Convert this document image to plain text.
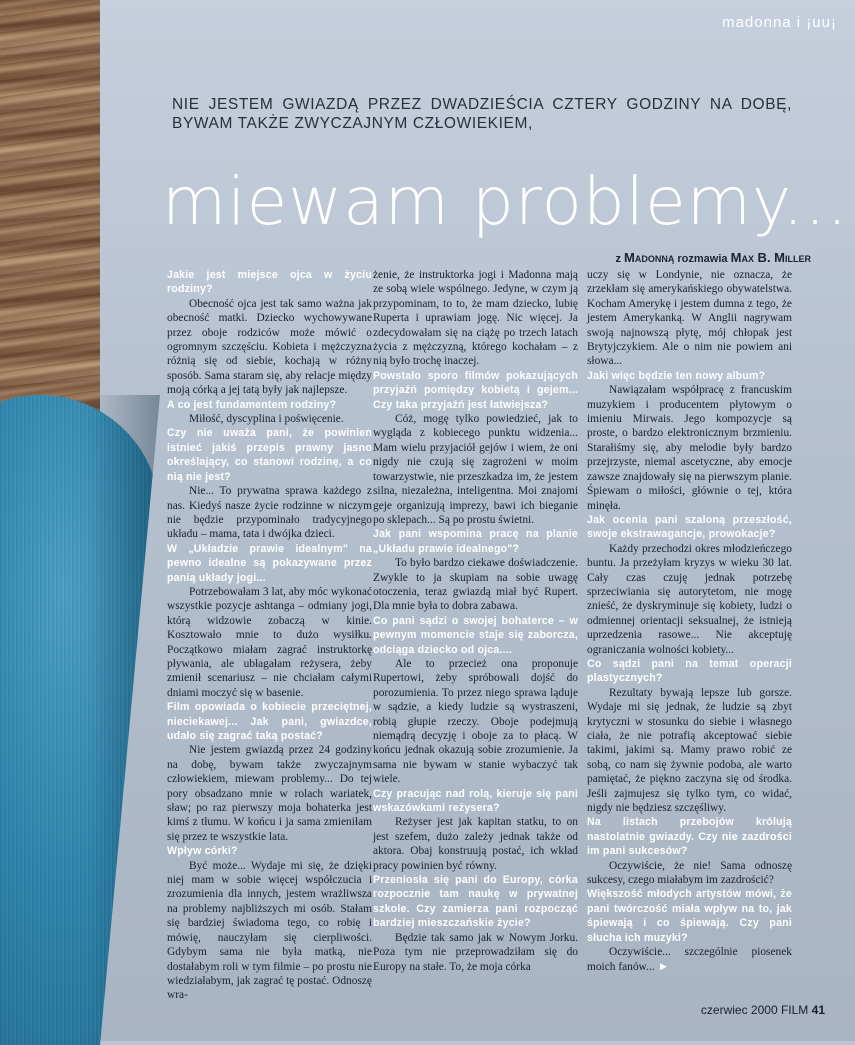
madonna i ¡uu¡
NIE JESTEM GWIAZDĄ PRZEZ DWADZIEŚCIA CZTERY GODZINY NA DOBĘ, BYWAM TAKŻE ZWYCZAJNYM CZŁOWIEKIEM,
miewam problemy...
z Madonną rozmawia Max B. Miller

Jakie jest miejsce ojca w życiu rodziny?

Obecność ojca jest tak samo ważna jak obecność matki. Dziecko wychowywane przez oboje rodziców może mówić o ogromnym szczęściu. Kobieta i mężczyzna różnią się od siebie, kochają w różny sposób. Sama staram się, aby relacje między moją córką a jej tatą były jak najlepsze.

A co jest fundamentem rodziny?

Miłość, dyscyplina i poświęcenie.

Czy nie uważa pani, że powinien istnieć jakiś przepis prawny jasno określający, co stanowi rodzinę, a co nią nie jest?

Nie... To prywatna sprawa każdego z nas. Kiedyś nasze życie rodzinne w niczym nie będzie przypominało tradycyjnego układu – mama, tata i dwójka dzieci.

W „Układzie prawie idealnym" na pewno idealne są pokazywane przez panią układy jogi...

Potrzebowałam 3 lat, aby móc wykonać wszystkie pozycje ashtanga – odmiany jogi, którą widzowie zobaczą w kinie. Kosztowało mnie to dużo wysiłku. Początkowo miałam zagrać instruktorkę pływania, ale ubłagałam reżysera, żeby zmienił scenariusz – nie chciałam całymi dniami moczyć się w basenie.

Film opowiada o kobiecie przeciętnej, nieciekawej... Jak pani, gwiazdce, udało się zagrać taką postać?

Nie jestem gwiazdą przez 24 godziny na dobę, bywam także zwyczajnym człowiekiem, miewam problemy... Do tej pory obsadzano mnie w rolach wariatek, sław; po raz pierwszy moja bohaterka jest kimś z tłumu. W końcu i ja sama zmieniłam się przez te wszystkie lata.

Wpływ córki?

Być może... Wydaje mi się, że dzięki niej mam w sobie więcej współczucia i zrozumienia dla innych, jestem wrażliwsza na problemy najbliższych mi osób. Stałam się bardziej świadoma tego, co robię i mówię, nauczyłam się cierpliwości. Gdybym sama nie była matką, nie dostałabym roli w tym filmie – po prostu nie wiedziałabym, jak zagrać tę postać. Odnoszę wra-

żenie, że instruktorka jogi i Madonna mają ze sobą wiele wspólnego. Jedyne, w czym ją przypominam, to to, że mam dziecko, lubię Ruperta i uprawiam jogę. Nic więcej. Ja zdecydowałam się na ciążę po trzech latach życia z mężczyzną, którego kochałam – z nią było trochę inaczej.

Powstało sporo filmów pokazujących przyjaźń pomiędzy kobietą i gejem... Czy taka przyjaźń jest łatwiejsza?

Cóż, mogę tylko powiedzieć, jak to wygląda z kobiecego punktu widzenia... Mam wielu przyjaciół gejów i wiem, że oni nigdy nie czują się zagrożeni w moim towarzystwie, nie przeszkadza im, że jestem silna, niezależna, inteligentna. Moi znajomi geje organizują imprezy, bawi ich bieganie po sklepach... Są po prostu świetni.

Jak pani wspomina pracę na planie „Układu prawie idealnego"?

To było bardzo ciekawe doświadczenie. Zwykle to ja skupiam na sobie uwagę otoczenia, teraz gwiazdą miał być Rupert. Dla mnie była to dobra zabawa.

Co pani sądzi o swojej bohaterce – w pewnym momencie staje się zaborcza, odciąga dziecko od ojca....

Ale to przecież ona proponuje Rupertowi, żeby spróbowali dojść do porozumienia. To przez niego sprawa ląduje w sądzie, a kiedy ludzie są wystraszeni, robią głupie rzeczy. Oboje podejmują niemądrą decyzję i oboje za to płacą. W końcu jednak okazują sobie zrozumienie. Ja sama nie bywam w stanie wybaczyć tak wiele.

Czy pracując nad rolą, kieruje się pani wskazówkami reżysera?

Reżyser jest jak kapitan statku, to on jest szefem, dużo zależy jednak także od aktora. Obaj konstruują postać, ich wkład pracy powinien być równy.

Przeniosła się pani do Europy, córka rozpocznie tam naukę w prywatnej szkole. Czy zamierza pani rozpocząć bardziej mieszczańskie życie?

Będzie tak samo jak w Nowym Jorku. Poza tym nie przeprowadziłam się do Europy na stałe. To, że moja córka

uczy się w Londynie, nie oznacza, że zrzekłam się amerykańskiego obywatelstwa. Kocham Amerykę i jestem dumna z tego, że jestem Amerykanką. W Anglii nagrywam swoją najnowszą płytę, mój chłopak jest Brytyjczykiem. Ale o nim nie powiem ani słowa...

Jaki więc będzie ten nowy album?

Nawiązałam współpracę z francuskim muzykiem i producentem płytowym o imieniu Mirwais. Jego kompozycje są proste, o bardzo elektronicznym brzmieniu. Starałiśmy się, aby melodie były bardzo przejrzyste, niemal ascetyczne, aby emocje zawsze znajdowały się na pierwszym planie. Śpiewam o miłości, głównie o tej, która minęła.

Jak ocenia pani szaloną przeszłość, swoje ekstrawagancje, prowokacje?

Każdy przechodzi okres młodzieńczego buntu. Ja przeżyłam kryzys w wieku 30 lat. Cały czas czuję jednak potrzebę sprzeciwiania się autorytetom, nie mogę znieść, że dyskryminuje się kobiety, ludzi o odmiennej orientacji seksualnej, że istnieją uprzedzenia rasowe... Nie akceptuję ograniczania wolności kobiety...

Co sądzi pani na temat operacji plastycznych?

Rezultaty bywają lepsze lub gorsze. Wydaje mi się jednak, że ludzie są zbyt krytyczni w stosunku do siebie i własnego ciała, że nie potrafią akceptować siebie takimi, jakimi są. Mamy prawo robić ze sobą, co nam się żywnie podoba, ale warto pamiętać, że piękno zaczyna się od środka. Jeśli zajmujesz się tylko tym, co widać, nigdy nie będziesz szczęśliwy.

Na listach przebojów królują nastolatnie gwiazdy. Czy nie zazdrości im pani sukcesów?

Oczywiście, że nie! Sama odnoszę sukcesy, czego miałabym im zazdrościć?

Większość młodych artystów mówi, że pani twórczość miała wpływ na to, jak śpiewają i co śpiewają. Czy pani słucha ich muzyki?

Oczywiście... szczególnie piosenek moich fanów... ►

czerwiec 2000 FILM 41
